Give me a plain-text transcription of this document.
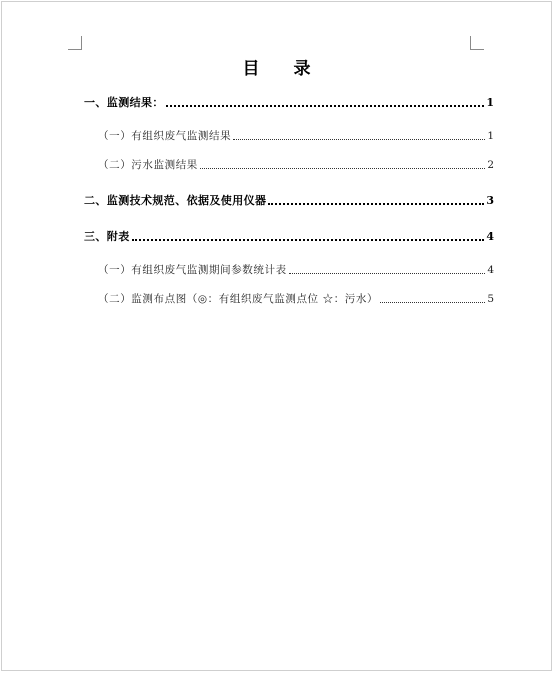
目 录
一、监测结果：	1
（一）有组织废气监测结果	1
（二）污水监测结果	2
二、监测技术规范、依据及使用仪器	3
三、附表	4
（一）有组织废气监测期间参数统计表	4
（二）监测布点图（◎：有组织废气监测点位 ☆：污水）	5
